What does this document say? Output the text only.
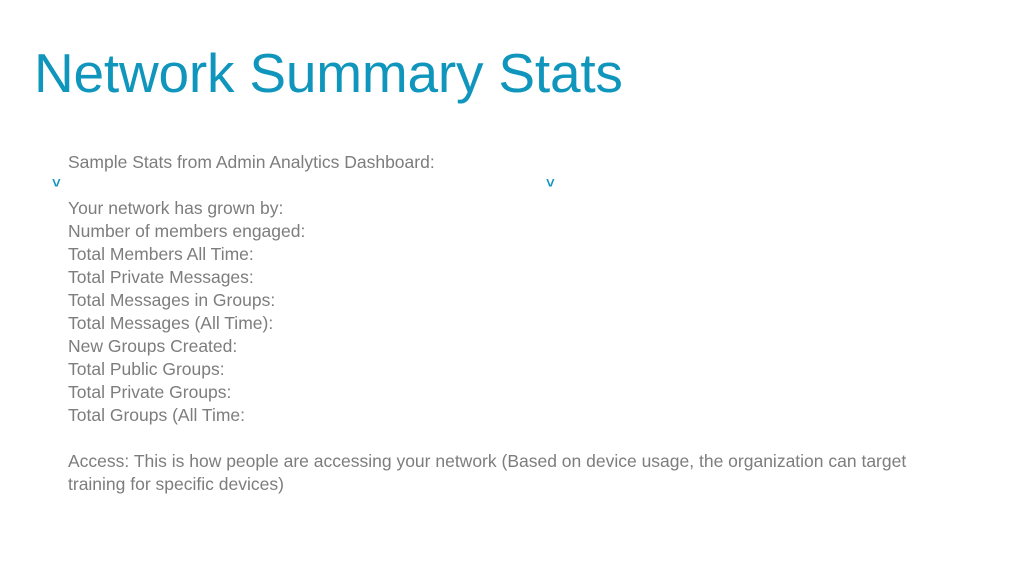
Network Summary Stats
˅	˅
Sample Stats from Admin Analytics Dashboard:
Your network has grown by:
Number of members engaged:
Total Members All Time:
Total Private Messages:
Total Messages in Groups:
Total Messages (All Time):
New Groups Created:
Total Public Groups:
Total Private Groups:
Total Groups (All Time:
Access: This is how people are accessing your network (Based on device usage, the organization can target training for specific devices)
